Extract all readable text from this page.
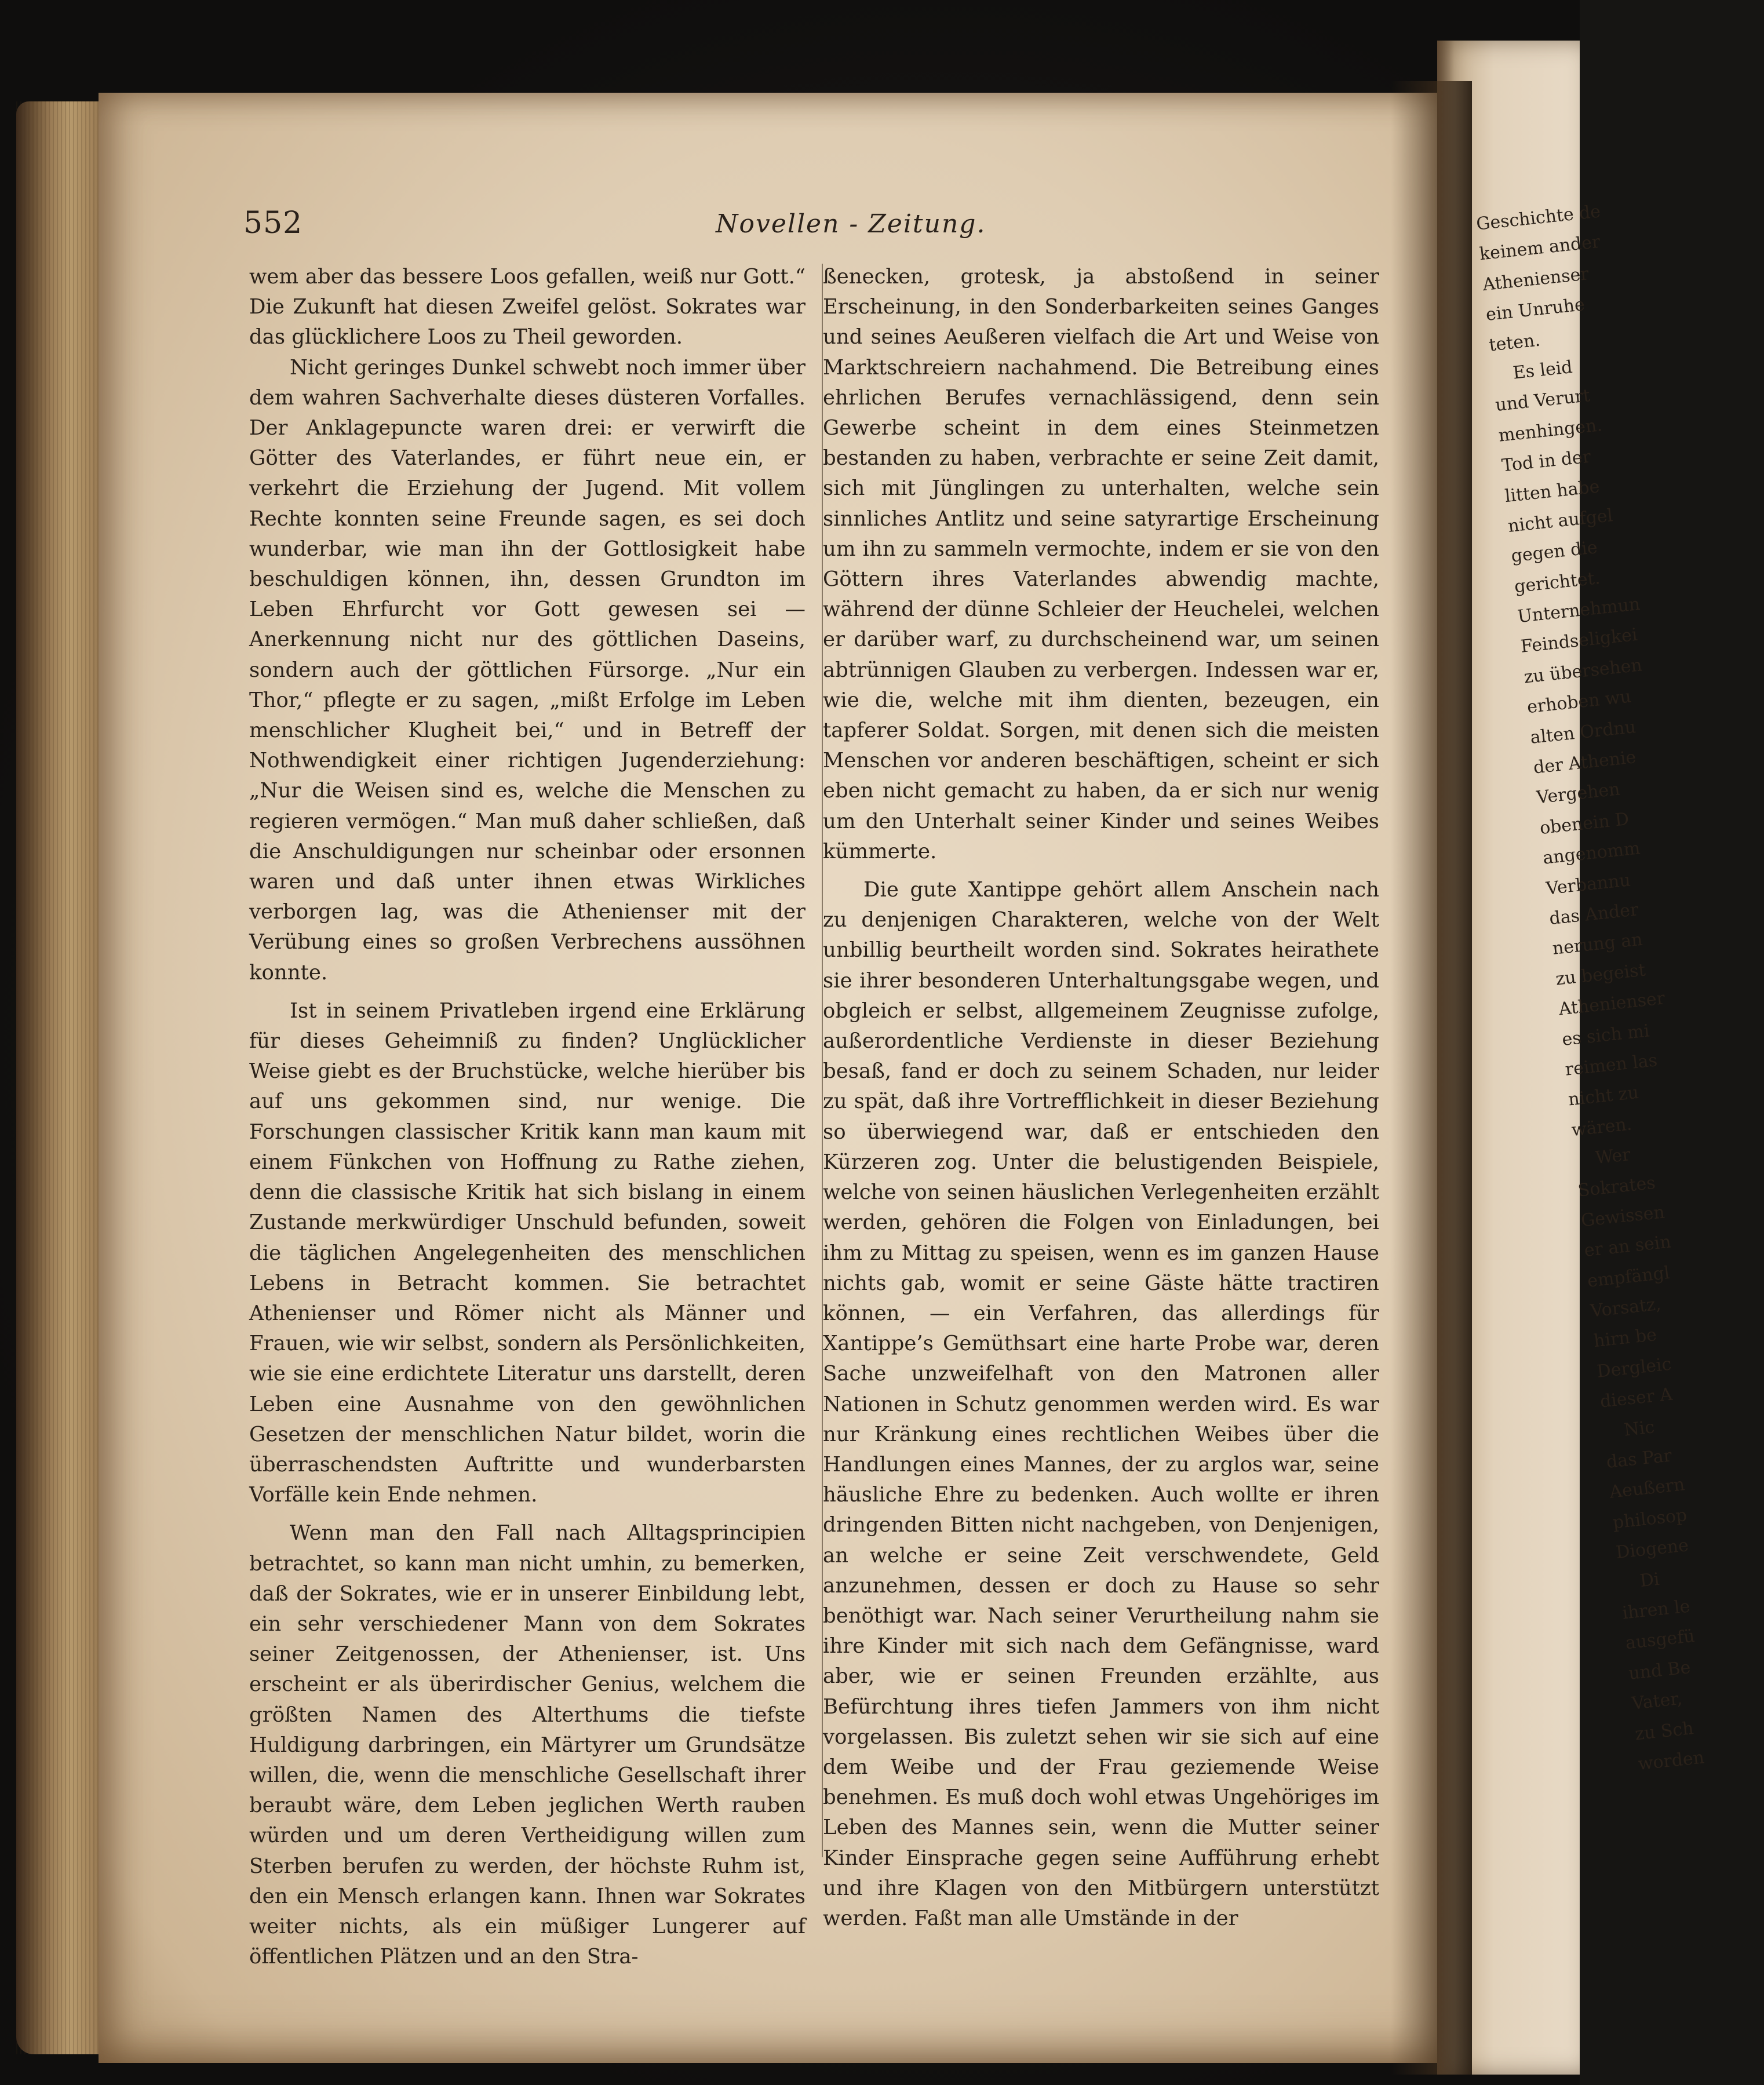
552	Novellen - Zeitung.

wem aber das bessere Loos gefallen, weiß nur Gott.“ Die Zukunft hat diesen Zweifel gelöst. Sokrates war das glücklichere Loos zu Theil geworden.

Nicht geringes Dunkel schwebt noch immer über dem wahren Sachverhalte dieses düsteren Vorfalles. Der Anklagepuncte waren drei: er verwirft die Götter des Vaterlandes, er führt neue ein, er verkehrt die Erziehung der Jugend. Mit vollem Rechte konnten seine Freunde sagen, es sei doch wunderbar, wie man ihn der Gottlosigkeit habe beschuldigen können, ihn, dessen Grundton im Leben Ehrfurcht vor Gott gewesen sei — Anerkennung nicht nur des göttlichen Daseins, sondern auch der göttlichen Fürsorge. „Nur ein Thor,“ pflegte er zu sagen, „mißt Erfolge im Leben menschlicher Klugheit bei,“ und in Betreff der Nothwendigkeit einer richtigen Jugenderziehung: „Nur die Weisen sind es, welche die Menschen zu regieren vermögen.“ Man muß daher schließen, daß die Anschuldigungen nur scheinbar oder ersonnen waren und daß unter ihnen etwas Wirkliches verborgen lag, was die Athenienser mit der Verübung eines so großen Verbrechens aussöhnen konnte.

Ist in seinem Privatleben irgend eine Erklärung für dieses Geheimniß zu finden? Unglücklicher Weise giebt es der Bruchstücke, welche hierüber bis auf uns gekommen sind, nur wenige. Die Forschungen classischer Kritik kann man kaum mit einem Fünkchen von Hoffnung zu Rathe ziehen, denn die classische Kritik hat sich bislang in einem Zustande merkwürdiger Unschuld befunden, soweit die täglichen Angelegenheiten des menschlichen Lebens in Betracht kommen. Sie betrachtet Athenienser und Römer nicht als Männer und Frauen, wie wir selbst, sondern als Persönlichkeiten, wie sie eine erdichtete Literatur uns darstellt, deren Leben eine Ausnahme von den gewöhnlichen Gesetzen der menschlichen Natur bildet, worin die überraschendsten Auftritte und wunderbarsten Vorfälle kein Ende nehmen.

Wenn man den Fall nach Alltagsprincipien betrachtet, so kann man nicht umhin, zu bemerken, daß der Sokrates, wie er in unserer Einbildung lebt, ein sehr verschiedener Mann von dem Sokrates seiner Zeitgenossen, der Athenienser, ist. Uns erscheint er als überirdischer Genius, welchem die größten Namen des Alterthums die tiefste Huldigung darbringen, ein Märtyrer um Grundsätze willen, die, wenn die menschliche Gesellschaft ihrer beraubt wäre, dem Leben jeglichen Werth rauben würden und um deren Vertheidigung willen zum Sterben berufen zu werden, der höchste Ruhm ist, den ein Mensch erlangen kann. Ihnen war Sokrates weiter nichts, als ein müßiger Lungerer auf öffentlichen Plätzen und an den Stra-

ßenecken, grotesk, ja abstoßend in seiner Erscheinung, in den Sonderbarkeiten seines Ganges und seines Aeußeren vielfach die Art und Weise von Marktschreiern nachahmend. Die Betreibung eines ehrlichen Berufes vernachlässigend, denn sein Gewerbe scheint in dem eines Steinmetzen bestanden zu haben, verbrachte er seine Zeit damit, sich mit Jünglingen zu unterhalten, welche sein sinnliches Antlitz und seine satyrartige Erscheinung um ihn zu sammeln vermochte, indem er sie von den Göttern ihres Vaterlandes abwendig machte, während der dünne Schleier der Heuchelei, welchen er darüber warf, zu durchscheinend war, um seinen abtrünnigen Glauben zu verbergen. Indessen war er, wie die, welche mit ihm dienten, bezeugen, ein tapferer Soldat. Sorgen, mit denen sich die meisten Menschen vor anderen beschäftigen, scheint er sich eben nicht gemacht zu haben, da er sich nur wenig um den Unterhalt seiner Kinder und seines Weibes kümmerte.

Die gute Xantippe gehört allem Anschein nach zu denjenigen Charakteren, welche von der Welt unbillig beurtheilt worden sind. Sokrates heirathete sie ihrer besonderen Unterhaltungsgabe wegen, und obgleich er selbst, allgemeinem Zeugnisse zufolge, außerordentliche Verdienste in dieser Beziehung besaß, fand er doch zu seinem Schaden, nur leider zu spät, daß ihre Vortrefflichkeit in dieser Beziehung so überwiegend war, daß er entschieden den Kürzeren zog. Unter die belustigenden Beispiele, welche von seinen häuslichen Verlegenheiten erzählt werden, gehören die Folgen von Einladungen, bei ihm zu Mittag zu speisen, wenn es im ganzen Hause nichts gab, womit er seine Gäste hätte tractiren können, — ein Verfahren, das allerdings für Xantippe’s Gemüthsart eine harte Probe war, deren Sache unzweifelhaft von den Matronen aller Nationen in Schutz genommen werden wird. Es war nur Kränkung eines rechtlichen Weibes über die Handlungen eines Mannes, der zu arglos war, seine häusliche Ehre zu bedenken. Auch wollte er ihren dringenden Bitten nicht nachgeben, von Denjenigen, an welche er seine Zeit verschwendete, Geld anzunehmen, dessen er doch zu Hause so sehr benöthigt war. Nach seiner Verurtheilung nahm sie ihre Kinder mit sich nach dem Gefängnisse, ward aber, wie er seinen Freunden erzählte, aus Befürchtung ihres tiefen Jammers von ihm nicht vorgelassen. Bis zuletzt sehen wir sie sich auf eine dem Weibe und der Frau geziemende Weise benehmen. Es muß doch wohl etwas Ungehöriges im Leben des Mannes sein, wenn die Mutter seiner Kinder Einsprache gegen seine Aufführung erhebt und ihre Klagen von den Mitbürgern unterstützt werden. Faßt man alle Umstände in der

Geschichte de
keinem ander
Athenienser
ein Unruhe
teten.
Es leid
und Verurt
menhingen.
Tod in der
litten habe
nicht aufgel
gegen die
gerichtet.
Unternehmun
Feindseligkei
zu übersehen
erhoben wu
alten Ordnu
der Athenie
Vergehen
obenein D
angenomm
Verbannu
das Ander
nerung an
zu begeist
Athenienser
es sich mi
reimen las
nicht zu
wären.
Wer
Sokrates
Gewissen
er an sein
empfängl
Vorsatz,
hirn be
Dergleic
dieser A
Nic
das Par
Aeußern
philosop
Diogene
Di
ihren le
ausgefü
und Be
Vater,
zu Sch
worden
